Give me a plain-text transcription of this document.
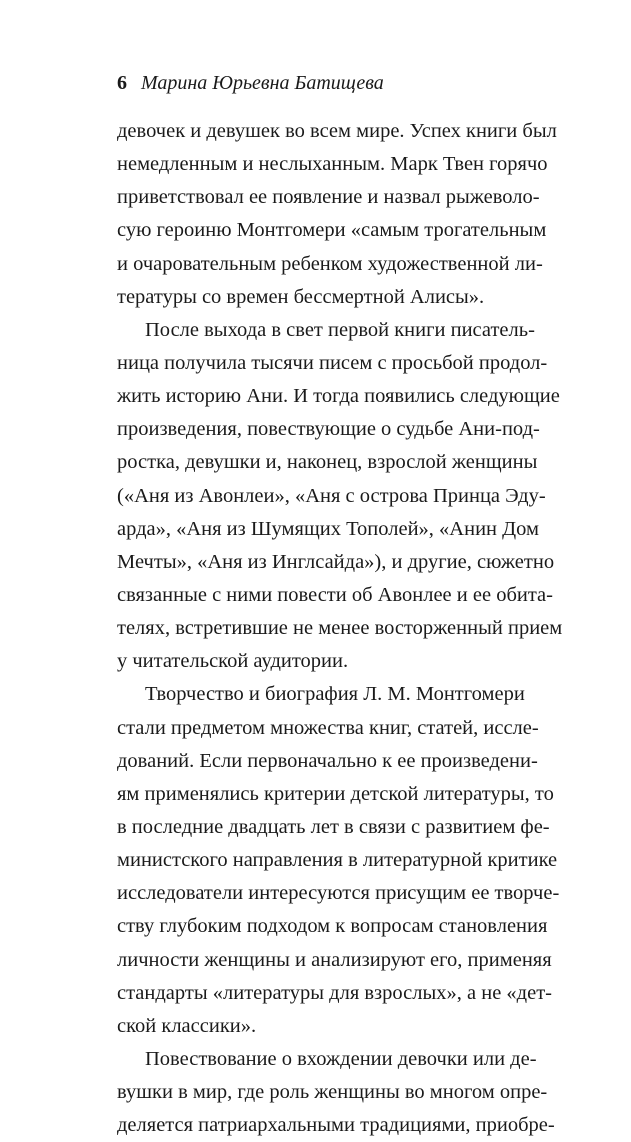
6 Марина Юрьевна Батищева
девочек и девушек во всем мире. Успех книги был
немедленным и неслыханным. Марк Твен горячо
приветствовал ее появление и назвал рыжеволо-
сую героиню Монтгомери «самым трогательным
и очаровательным ребенком художественной ли-
тературы со времен бессмертной Алисы».
После выхода в свет первой книги писатель-
ница получила тысячи писем с просьбой продол-
жить историю Ани. И тогда появились следующие
произведения, повествующие о судьбе Ани-под-
ростка, девушки и, наконец, взрослой женщины
(«Аня из Авонлеи», «Аня с острова Принца Эду-
арда», «Аня из Шумящих Тополей», «Анин Дом
Мечты», «Аня из Инглсайда»), и другие, сюжетно
связанные с ними повести об Авонлее и ее обита-
телях, встретившие не менее восторженный прием
у читательской аудитории.
Творчество и биография Л. М. Монтгомери
стали предметом множества книг, статей, иссле-
дований. Если первоначально к ее произведени-
ям применялись критерии детской литературы, то
в последние двадцать лет в связи с развитием фе-
министского направления в литературной критике
исследователи интересуются присущим ее творче-
ству глубоким подходом к вопросам становления
личности женщины и анализируют его, применяя
стандарты «литературы для взрослых», а не «дет-
ской классики».
Повествование о вхождении девочки или де-
вушки в мир, где роль женщины во многом опре-
деляется патриархальными традициями, приобре-
